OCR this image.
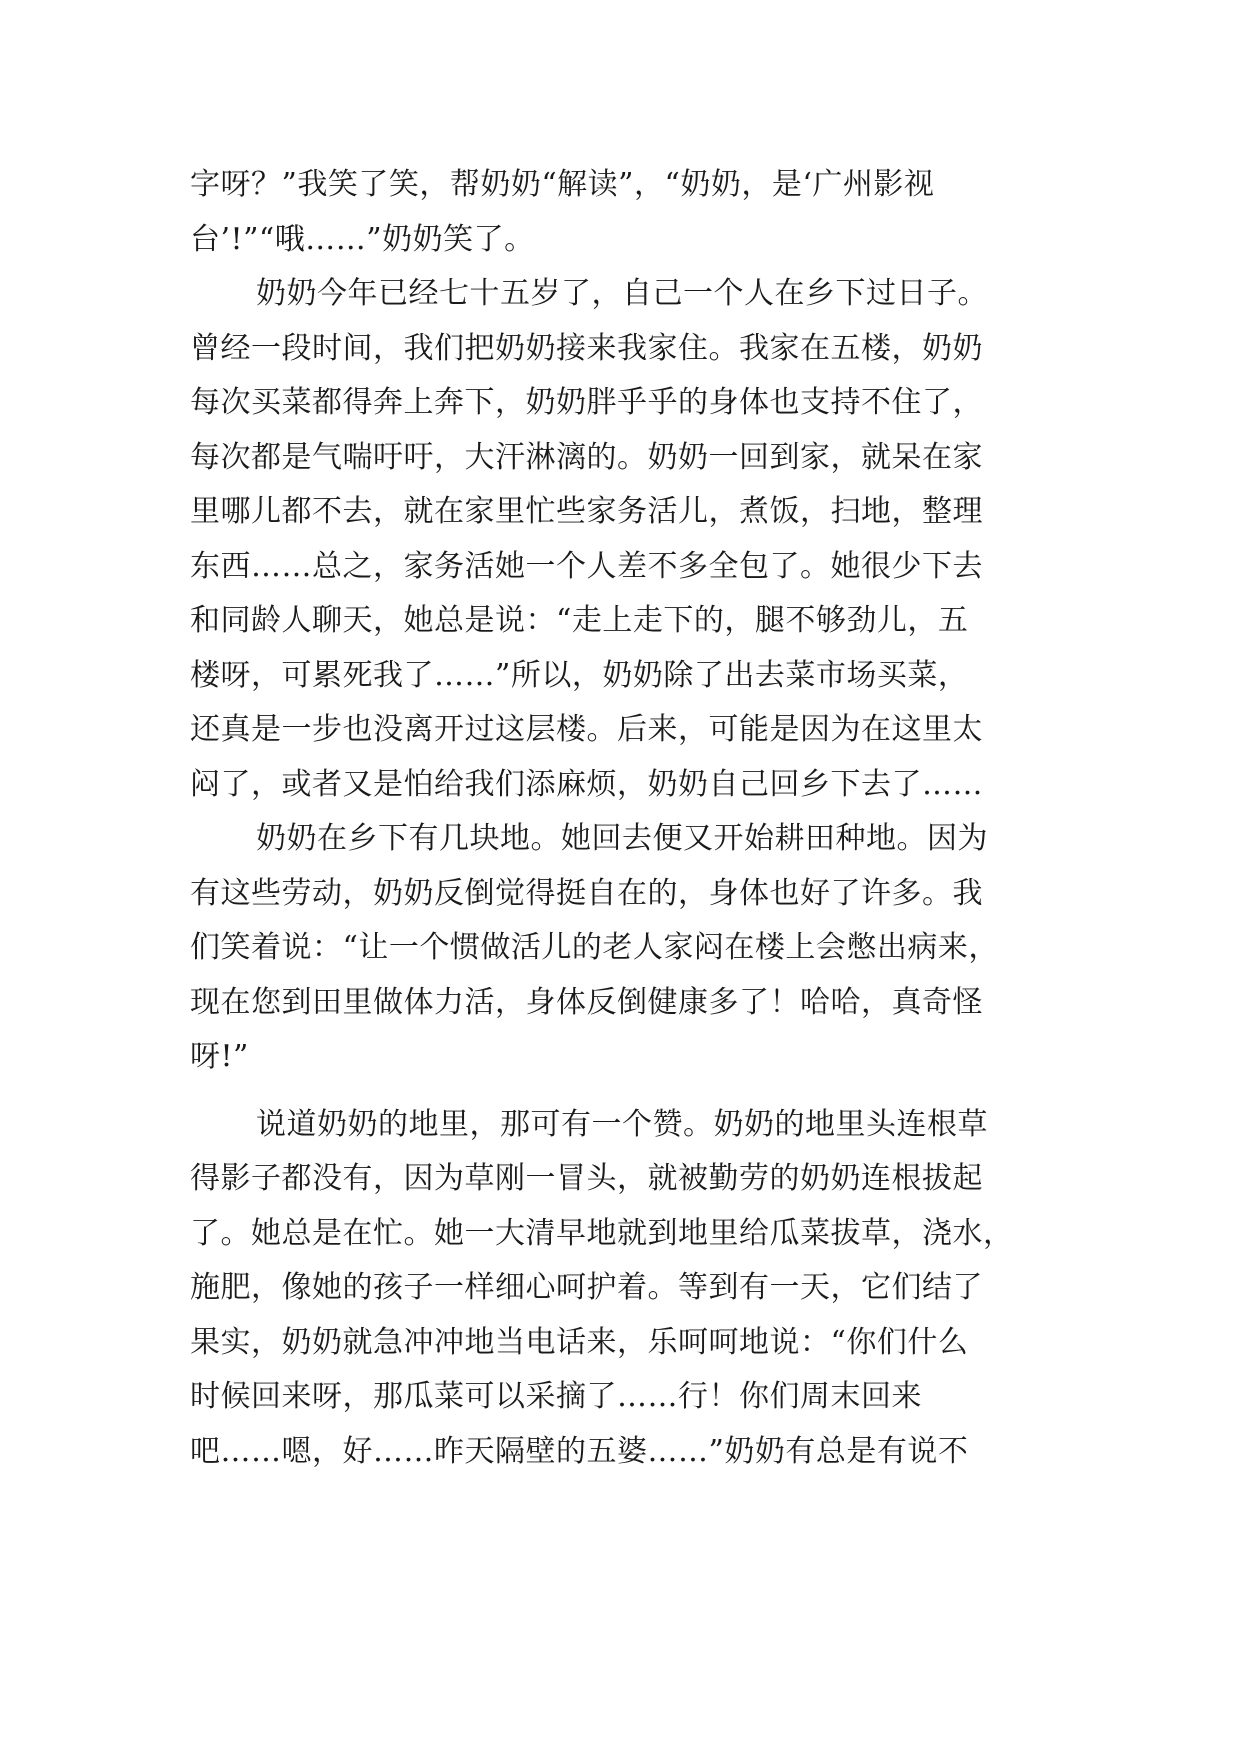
字呀？”我笑了笑，帮奶奶“解读”，“奶奶，是‘广州影视
台’!”“哦……”奶奶笑了。
奶奶今年已经七十五岁了，自己一个人在乡下过日子。
曾经一段时间，我们把奶奶接来我家住。我家在五楼，奶奶
每次买菜都得奔上奔下，奶奶胖乎乎的身体也支持不住了，
每次都是气喘吁吁，大汗淋漓的。奶奶一回到家，就呆在家
里哪儿都不去，就在家里忙些家务活儿，煮饭，扫地，整理
东西……总之，家务活她一个人差不多全包了。她很少下去
和同龄人聊天，她总是说：“走上走下的，腿不够劲儿，五
楼呀，可累死我了……”所以，奶奶除了出去菜市场买菜，
还真是一步也没离开过这层楼。后来，可能是因为在这里太
闷了，或者又是怕给我们添麻烦，奶奶自己回乡下去了……
奶奶在乡下有几块地。她回去便又开始耕田种地。因为
有这些劳动，奶奶反倒觉得挺自在的，身体也好了许多。我
们笑着说：“让一个惯做活儿的老人家闷在楼上会憋出病来，
现在您到田里做体力活，身体反倒健康多了！哈哈，真奇怪
呀!”
说道奶奶的地里，那可有一个赞。奶奶的地里头连根草
得影子都没有，因为草刚一冒头，就被勤劳的奶奶连根拔起
了。她总是在忙。她一大清早地就到地里给瓜菜拔草，浇水，
施肥，像她的孩子一样细心呵护着。等到有一天，它们结了
果实，奶奶就急冲冲地当电话来，乐呵呵地说：“你们什么
时候回来呀，那瓜菜可以采摘了……行！你们周末回来
吧……嗯，好……昨天隔壁的五婆……”奶奶有总是有说不
